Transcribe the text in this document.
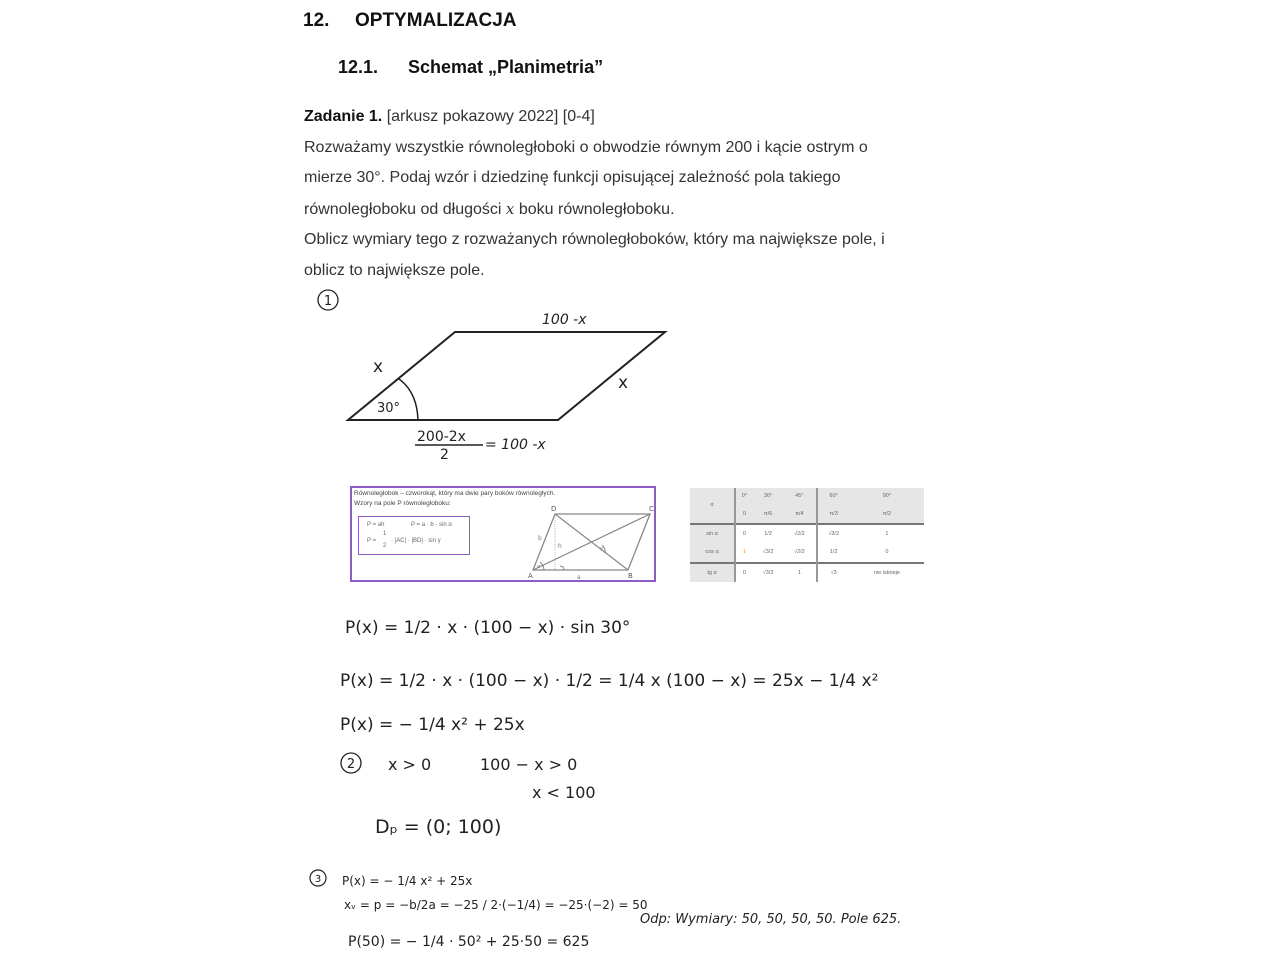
12. OPTYMALIZACJA
12.1. Schemat „Planimetria”
Zadanie 1. [arkusz pokazowy 2022] [0-4]
Rozważamy wszystkie równoległoboki o obwodzie równym 200 i kącie ostrym o
mierze 30°. Podaj wzór i dziedzinę funkcji opisującej zależność pola takiego
równoległoboku od długości x boku równoległoboku.
Oblicz wymiary tego z rozważanych równoległoboków, który ma największe pole, i
oblicz to największe pole.
1
100 -x
x
x
30°
200-2x
2
= 100 -x
Równoległobok – czworokąt, który ma dwie pary boków równoległych.
Wzory na pole P równoległoboku:
P = ah	P = a · b · sin α
P =
1
2
· |AC| · |BD| · sin γ
A	B
C
D
a
b
h
α
γ
α	0°	30°	45°	60°	90°
	0	π/6	π/4	π/3	π/2
sin α	0	1/2	√2/2	√3/2	1
cos α	1	√3/2	√2/2	1/2	0
tg α	0	√3/3	1	√3	nie istnieje
P(x) = 1/2 · x · (100 − x) · sin 30°
P(x) = 1/2 · x · (100 − x) · 1/2 = 1/4 x (100 − x) = 25x − 1/4 x²
P(x) = − 1/4 x² + 25x
2 x > 0	100 − x > 0
x < 100
Dₚ = (0; 100)
3 P(x) = − 1/4 x² + 25x
xᵥ = p = −b/2a = −25 / 2·(−1/4) = −25·(−2) = 50
P(50) = − 1/4 · 50² + 25·50 = 625
Odp: Wymiary: 50, 50, 50, 50. Pole 625.
